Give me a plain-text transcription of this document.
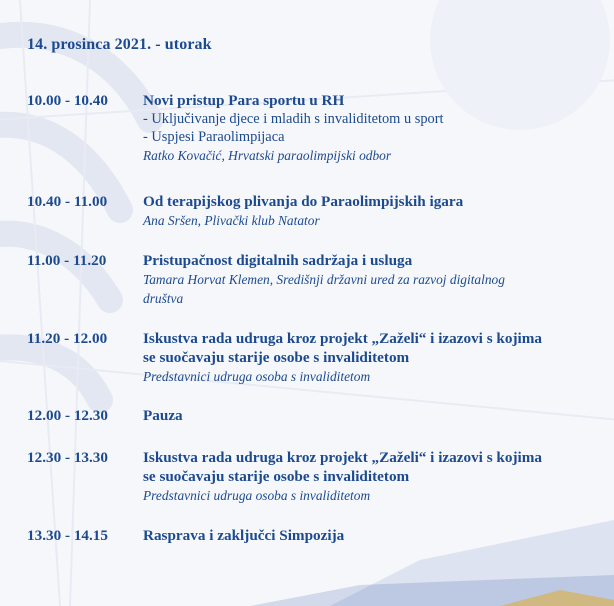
14. prosinca 2021. - utorak
10.00 - 10.40	Novi pristup Para sportu u RH
- Uključivanje djece i mladih s invaliditetom u sport
- Uspjesi Paraolimpijaca
Ratko Kovačić, Hrvatski paraolimpijski odbor
10.40 - 11.00	Od terapijskog plivanja do Paraolimpijskih igara
Ana Sršen, Plivački klub Natator
11.00 - 11.20	Pristupačnost digitalnih sadržaja i usluga
Tamara Horvat Klemen, Središnji državni ured za razvoj digitalnog
društva
11.20 - 12.00	Iskustva rada udruga kroz projekt „Zaželi“ i izazovi s kojima
se suočavaju starije osobe s invaliditetom
Predstavnici udruga osoba s invaliditetom
12.00 - 12.30	Pauza
12.30 - 13.30	Iskustva rada udruga kroz projekt „Zaželi“ i izazovi s kojima
se suočavaju starije osobe s invaliditetom
Predstavnici udruga osoba s invaliditetom
13.30 - 14.15	Rasprava i zaključci Simpozija
